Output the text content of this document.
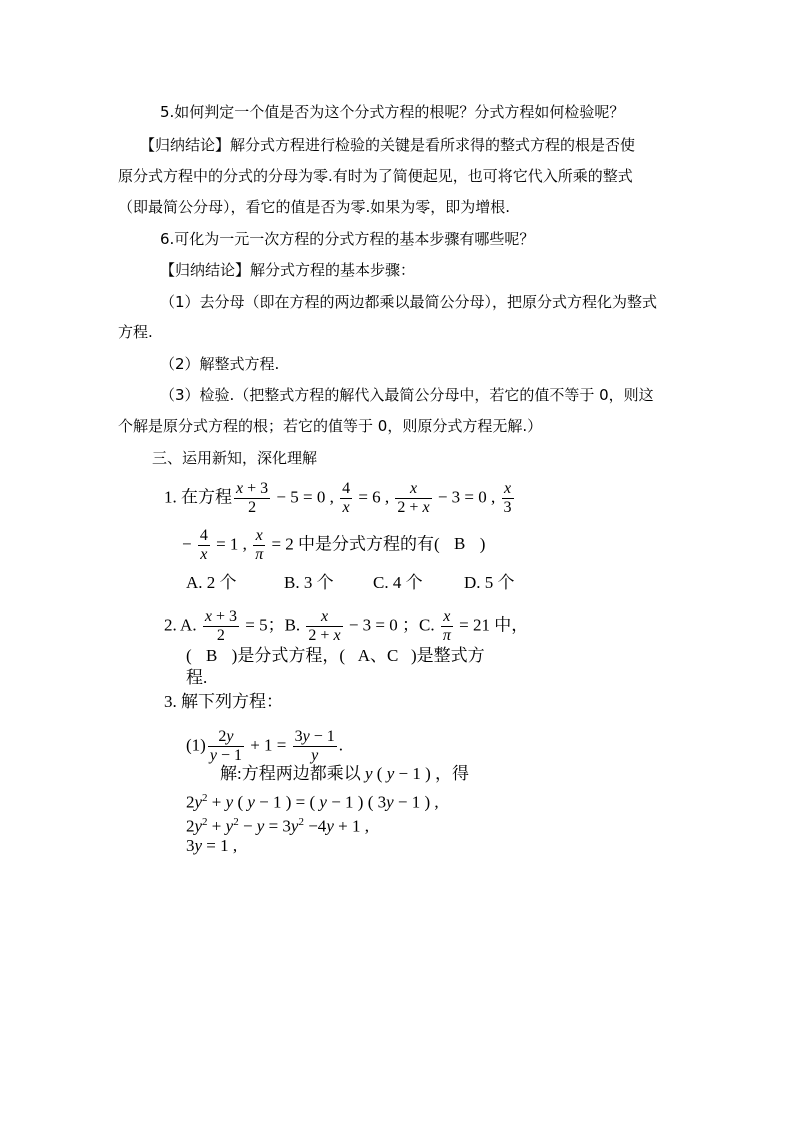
5.如何判定一个值是否为这个分式方程的根呢？分式方程如何检验呢？
【归纳结论】解分式方程进行检验的关键是看所求得的整式方程的根是否使
原分式方程中的分式的分母为零.有时为了简便起见，也可将它代入所乘的整式
（即最简公分母），看它的值是否为零.如果为零，即为增根.
6.可化为一元一次方程的分式方程的基本步骤有哪些呢？
【归纳结论】解分式方程的基本步骤：
（1）去分母（即在方程的两边都乘以最简公分母），把原分式方程化为整式
方程.
（2）解整式方程.
（3）检验.（把整式方程的解代入最简公分母中，若它的值不等于 0，则这
个解是原分式方程的根；若它的值等于 0，则原分式方程无解.）
三、运用新知，深化理解
1. 在方程 $\frac{x + 3}{2} - 5 = 0$ , $\frac{4}{x} = 6$ , $\frac{x}{2 + x} - 3 = 0$ , $\frac{x}{3}$
− $\frac{4}{x} = 1$ , $\frac{x}{\pi} = 2$ 中是分式方程的有( B )
A. 2 个	B. 3 个 C. 4 个 D. 5 个
2. A. $\frac{x + 3}{2} = 5$；B. $\frac{x}{2 + x} - 3 = 0$ ；C. $\frac{x}{\pi} = 21$ 中，
( B )是分式方程，( A、C )是整式方
程.
3. 解下列方程：
$(1) \frac{2y}{y - 1} + 1 = \frac{3y - 1}{y}$ .
解:方程两边都乘以 y ( y − 1 ) ，得
$2y^2 + y$ ( y − 1 ) = ( y − 1 ) ( 3y − 1 ) ,
$2y^2 + y^2 - y = 3y^2 -4y + 1$ ,
3y = 1 ,
